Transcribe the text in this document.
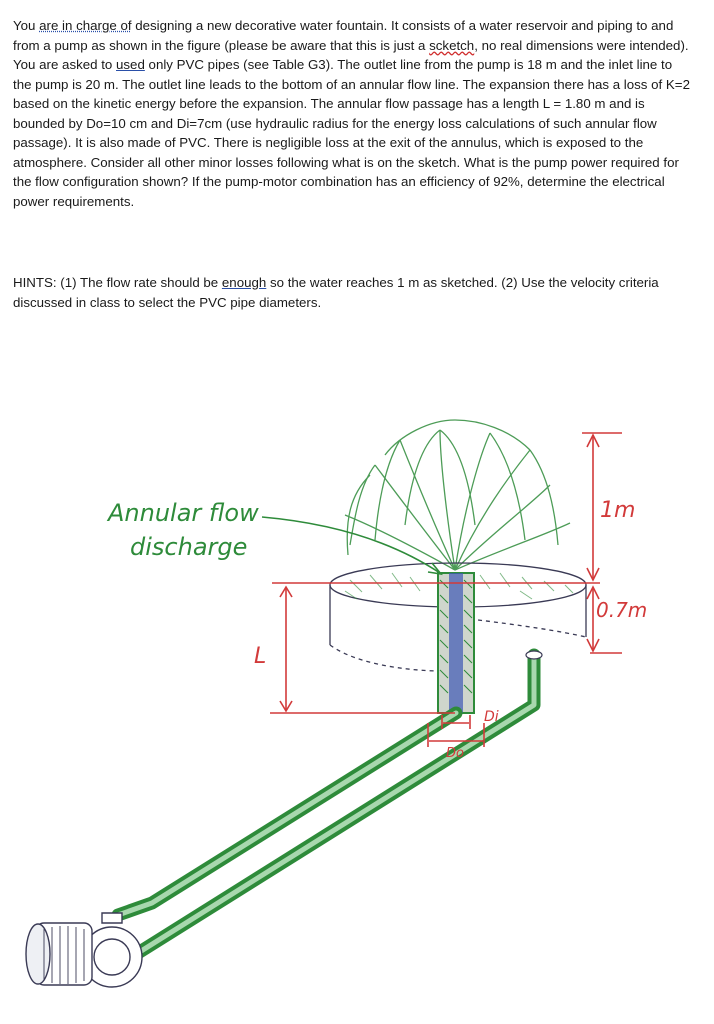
You are in charge of designing a new decorative water fountain. It consists of a water reservoir and piping to and from a pump as shown in the figure (please be aware that this is just a scketch, no real dimensions were intended). You are asked to used only PVC pipes (see Table G3). The outlet line from the pump is 18 m and the inlet line to the pump is 20 m. The outlet line leads to the bottom of an annular flow line. The expansion there has a loss of K=2 based on the kinetic energy before the expansion. The annular flow passage has a length L = 1.80 m and is bounded by Do=10 cm and Di=7cm (use hydraulic radius for the energy loss calculations of such annular flow passage). It is also made of PVC. There is negligible loss at the exit of the annulus, which is exposed to the atmosphere. Consider all other minor losses following what is on the sketch. What is the pump power required for the flow configuration shown? If the pump-motor combination has an efficiency of 92%, determine the electrical power requirements.

HINTS: (1) The flow rate should be enough so the water reaches 1 m as sketched. (2) Use the velocity criteria discussed in class to select the PVC pipe diameters.

Annular flow
discharge
1m
0.7m
L
Di
Do
